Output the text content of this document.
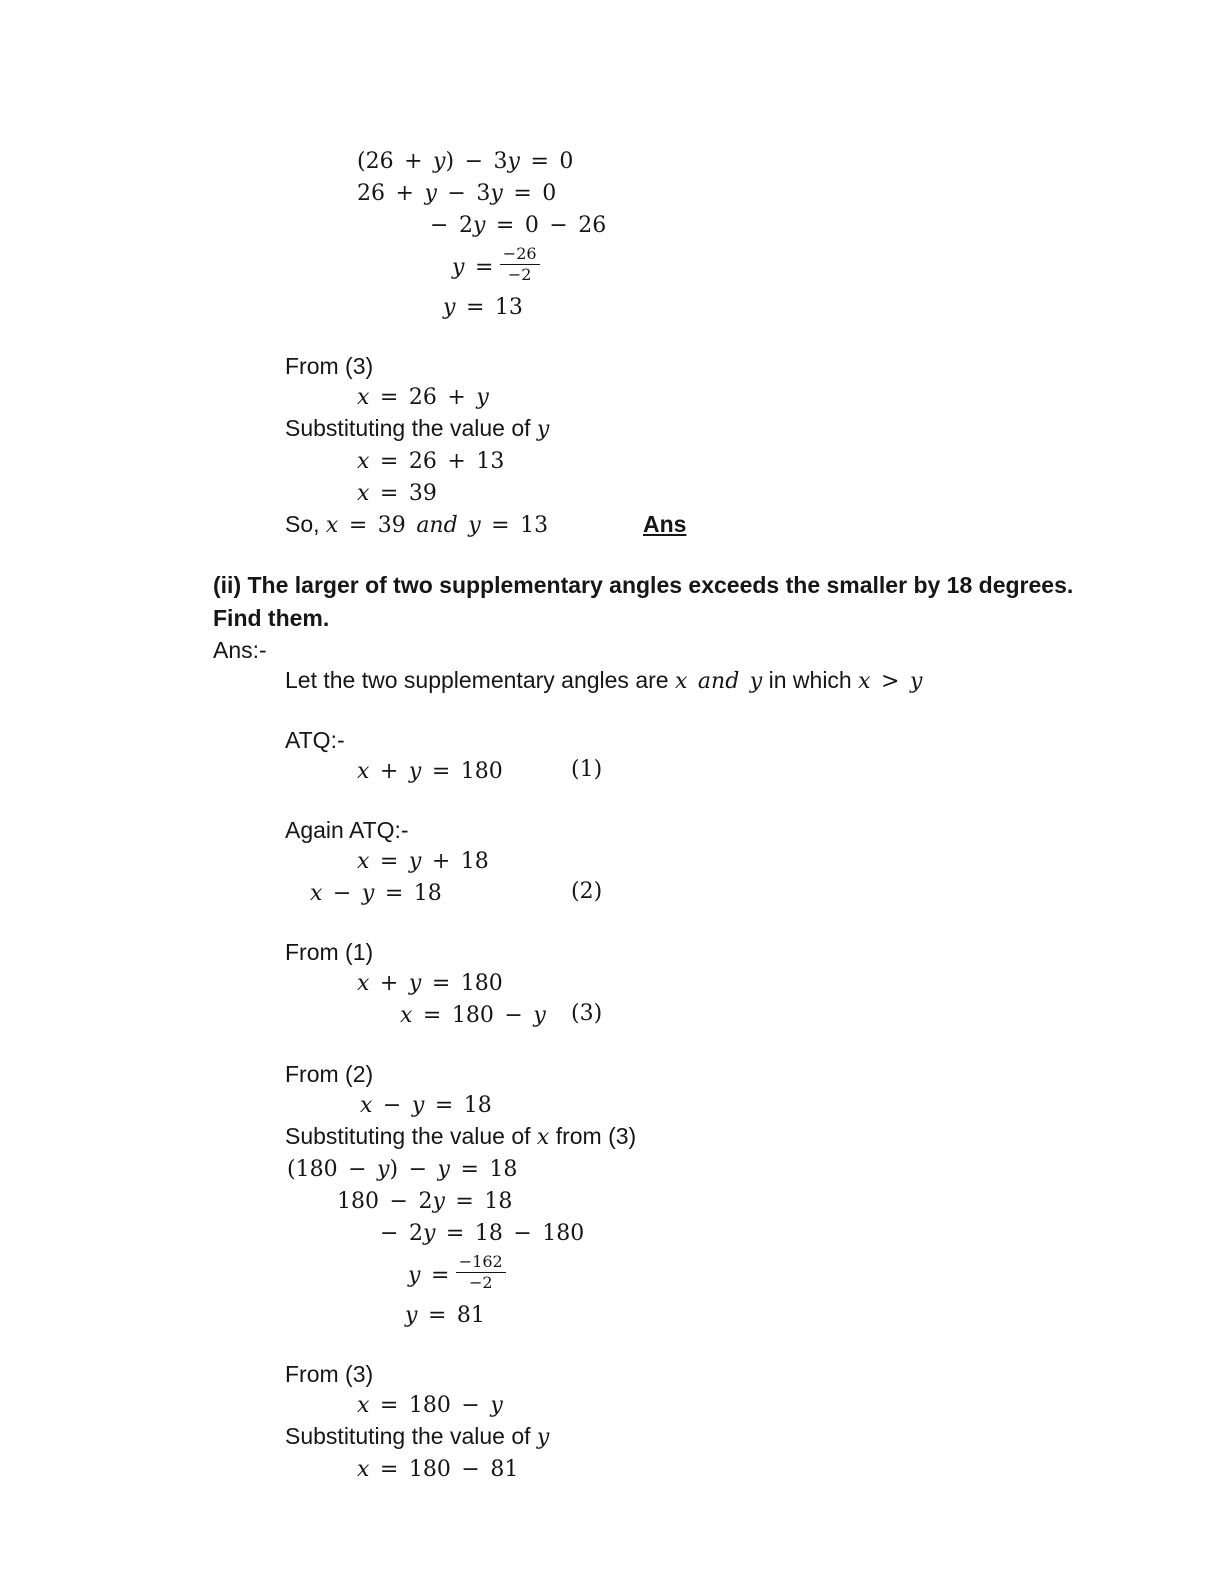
(26 + y) − 3y = 0
26 + y − 3y = 0
− 2y = 0 − 26
$y = \frac{-26}{-2}$
y = 13
From (3)
x = 26 + y
Substituting the value of y
x = 26 + 13
x = 39
So, x = 39 and y = 13	Ans
(ii) The larger of two supplementary angles exceeds the smaller by 18 degrees.
Find them.
Ans:-
Let the two supplementary angles are x and y in which x > y
ATQ:-
x + y = 180	(1)
Again ATQ:-
x = y + 18
x − y = 18	(2)
From (1)
x + y = 180
x = 180 − y (3)
From (2)
x − y = 18
Substituting the value of x from (3)
(180 − y) − y = 18
180 − 2y = 18
− 2y = 18 − 180
$y = \frac{-162}{-2}$
y = 81
From (3)
x = 180 − y
Substituting the value of y
x = 180 − 81
